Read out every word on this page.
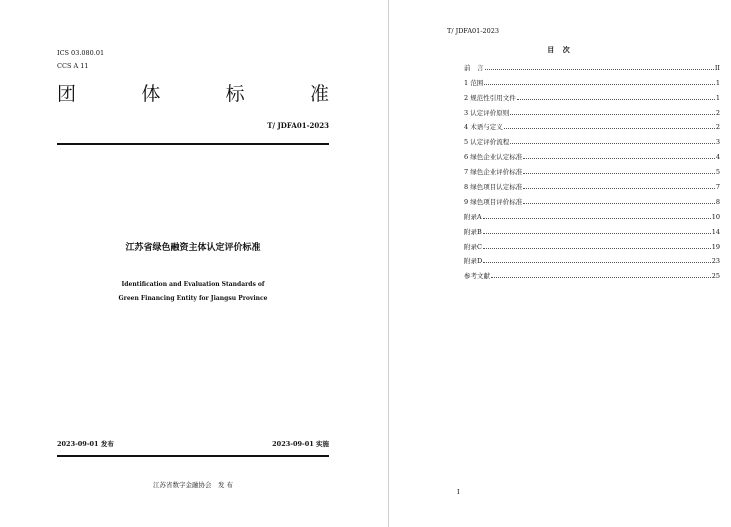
ICS 03.080.01
CCS A 11
团	体	标	准
T/ JDFA01-2023
江苏省绿色融资主体认定评价标准
Identification and Evaluation Standards of
Green Financing Entity for Jiangsu Province
2023-09-01 发布	2023-09-01 实施
江苏省数字金融协会　发 布
T/ JDFA01-2023
目 次
前　言	II
1 范围	1
2 规范性引用文件	1
3 认定评价原则	2
4 术语与定义	2
5 认定评价流程	3
6 绿色企业认定标准	4
7 绿色企业评价标准	5
8 绿色项目认定标准	7
9 绿色项目评价标准	8
附录A	10
附录B	14
附录C	19
附录D	23
参考文献	25
I
